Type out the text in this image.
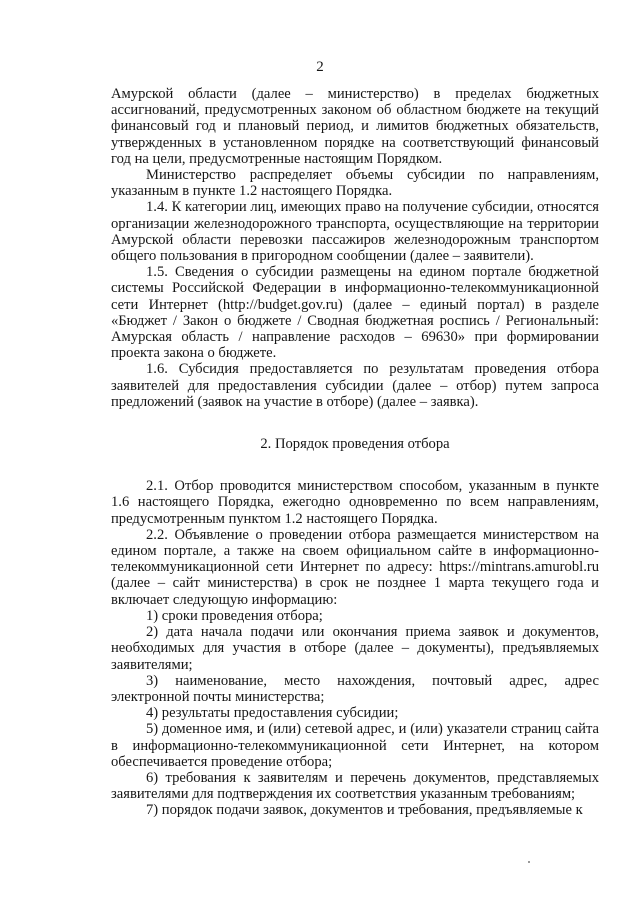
2

Амурской области (далее – министерство) в пределах бюджетных ассигнований, предусмотренных законом об областном бюджете на текущий финансовый год и плановый период, и лимитов бюджетных обязательств, утвержденных в установленном порядке на соответствующий финансовый год на цели, предусмотренные настоящим Порядком.

Министерство распределяет объемы субсидии по направлениям, указанным в пункте 1.2 настоящего Порядка.

1.4. К категории лиц, имеющих право на получение субсидии, относятся организации железнодорожного транспорта, осуществляющие на территории Амурской области перевозки пассажиров железнодорожным транспортом общего пользования в пригородном сообщении (далее – заявители).

1.5. Сведения о субсидии размещены на едином портале бюджетной системы Российской Федерации в информационно-телекоммуникационной сети Интернет (http://budget.gov.ru) (далее – единый портал) в разделе «Бюджет / Закон о бюджете / Сводная бюджетная роспись / Региональный: Амурская область / направление расходов – 69630» при формировании проекта закона о бюджете.

1.6. Субсидия предоставляется по результатам проведения отбора заявителей для предоставления субсидии (далее – отбор) путем запроса предложений (заявок на участие в отборе) (далее – заявка).

2. Порядок проведения отбора

2.1. Отбор проводится министерством способом, указанным в пункте 1.6 настоящего Порядка, ежегодно одновременно по всем направлениям, предусмотренным пунктом 1.2 настоящего Порядка.

2.2. Объявление о проведении отбора размещается министерством на едином портале, а также на своем официальном сайте в информационно-телекоммуникационной сети Интернет по адресу: https://mintrans.amurobl.ru (далее – сайт министерства) в срок не позднее 1 марта текущего года и включает следующую информацию:

1) сроки проведения отбора;

2) дата начала подачи или окончания приема заявок и документов, необходимых для участия в отборе (далее – документы), предъявляемых заявителями;

3) наименование, место нахождения, почтовый адрес, адрес электронной почты министерства;

4) результаты предоставления субсидии;

5) доменное имя, и (или) сетевой адрес, и (или) указатели страниц сайта в информационно-телекоммуникационной сети Интернет, на котором обеспечивается проведение отбора;

6) требования к заявителям и перечень документов, представляемых заявителями для подтверждения их соответствия указанным требованиям;

7) порядок подачи заявок, документов и требования, предъявляемые к
